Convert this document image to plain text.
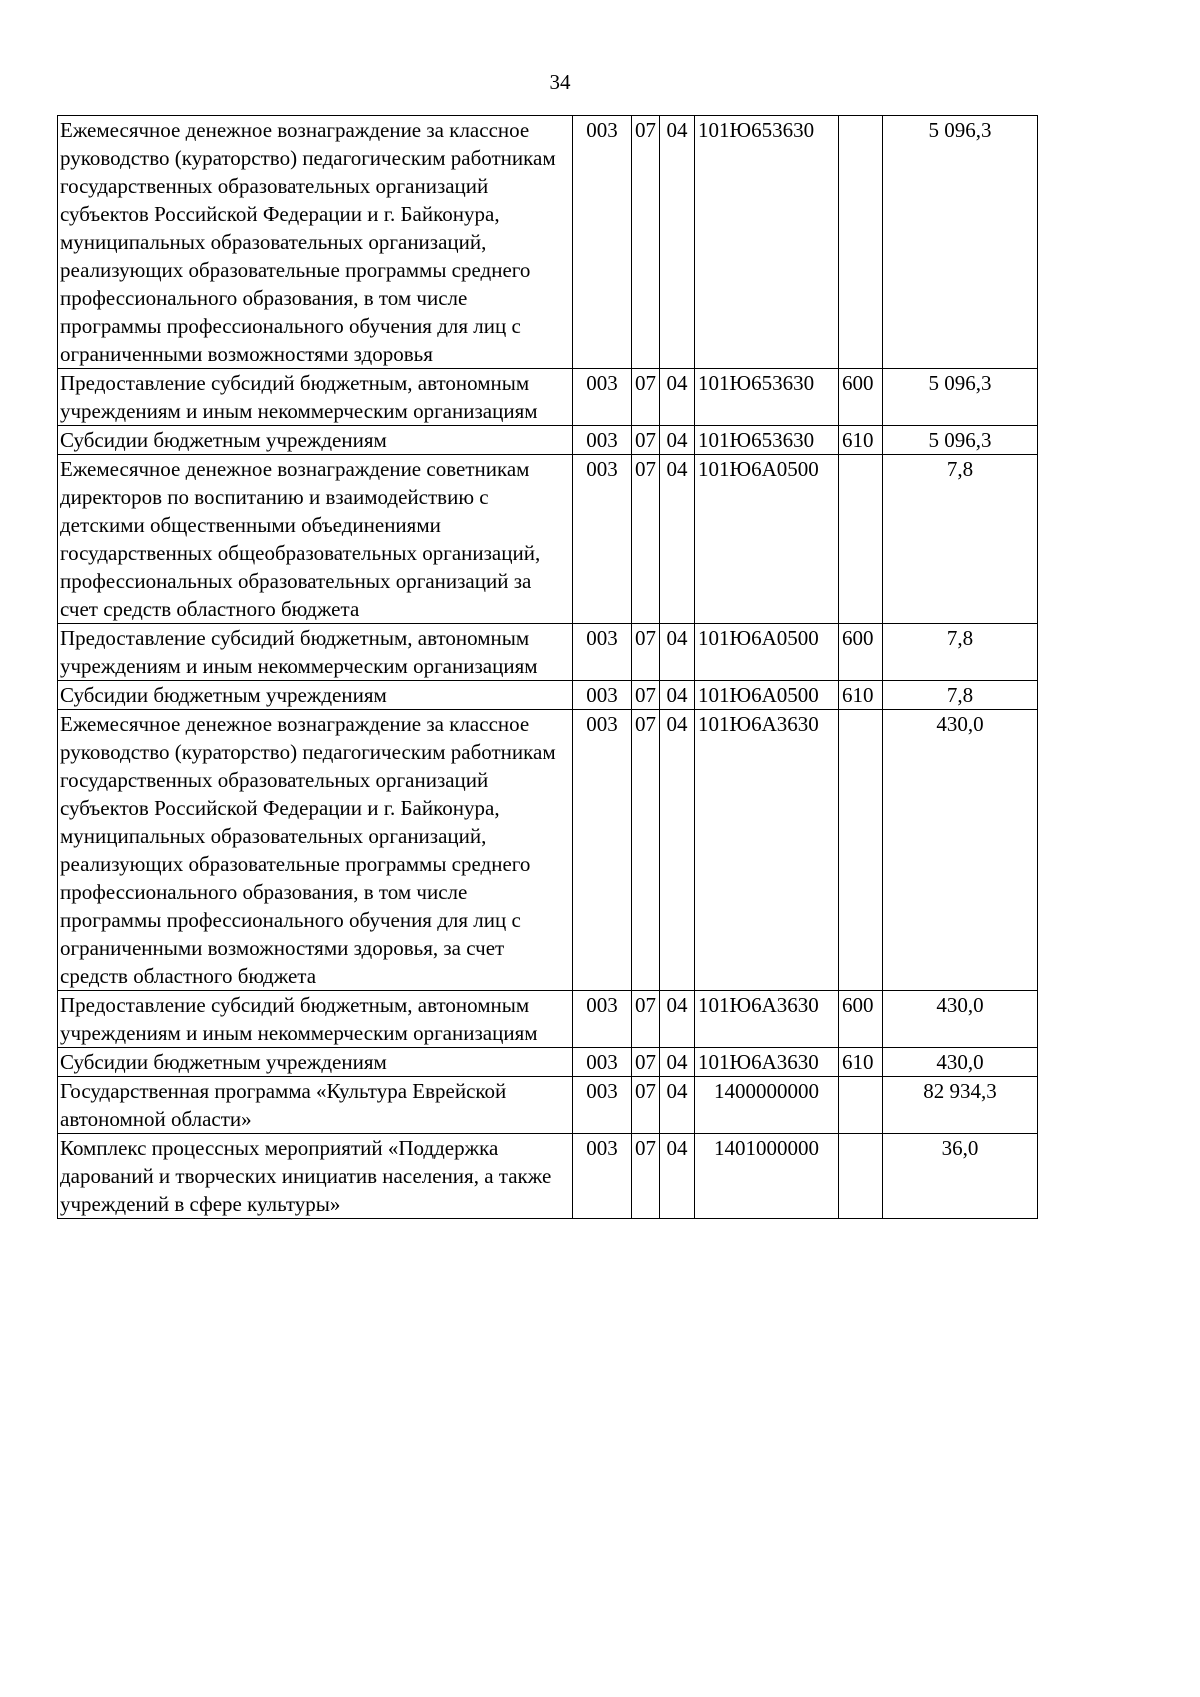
34
Ежемесячное денежное вознаграждение за классное руководство (кураторство) педагогическим работникам государственных образовательных организаций субъектов Российской Федерации и г. Байконура, муниципальных образовательных организаций, реализующих образовательные программы среднего профессионального образования, в том числе программы профессионального обучения для лиц с ограниченными возможностями здоровья	003	07	04	101Ю653630		5 096,3
Предоставление субсидий бюджетным, автономным учреждениям и иным некоммерческим организациям	003	07	04	101Ю653630	600	5 096,3
Субсидии бюджетным учреждениям	003	07	04	101Ю653630	610	5 096,3
Ежемесячное денежное вознаграждение советникам директоров по воспитанию и взаимодействию с детскими общественными объединениями государственных общеобразовательных организаций, профессиональных образовательных организаций за счет средств областного бюджета	003	07	04	101Ю6А0500		7,8
Предоставление субсидий бюджетным, автономным учреждениям и иным некоммерческим организациям	003	07	04	101Ю6А0500	600	7,8
Субсидии бюджетным учреждениям	003	07	04	101Ю6А0500	610	7,8
Ежемесячное денежное вознаграждение за классное руководство (кураторство) педагогическим работникам государственных образовательных организаций субъектов Российской Федерации и г. Байконура, муниципальных образовательных организаций, реализующих образовательные программы среднего профессионального образования, в том числе программы профессионального обучения для лиц с ограниченными возможностями здоровья, за счет средств областного бюджета	003	07	04	101Ю6А3630		430,0
Предоставление субсидий бюджетным, автономным учреждениям и иным некоммерческим организациям	003	07	04	101Ю6А3630	600	430,0
Субсидии бюджетным учреждениям	003	07	04	101Ю6А3630	610	430,0
Государственная программа «Культура Еврейской автономной области»	003	07	04	1400000000		82 934,3
Комплекс процессных мероприятий «Поддержка дарований и творческих инициатив населения, а также учреждений в сфере культуры»	003	07	04	1401000000		36,0
